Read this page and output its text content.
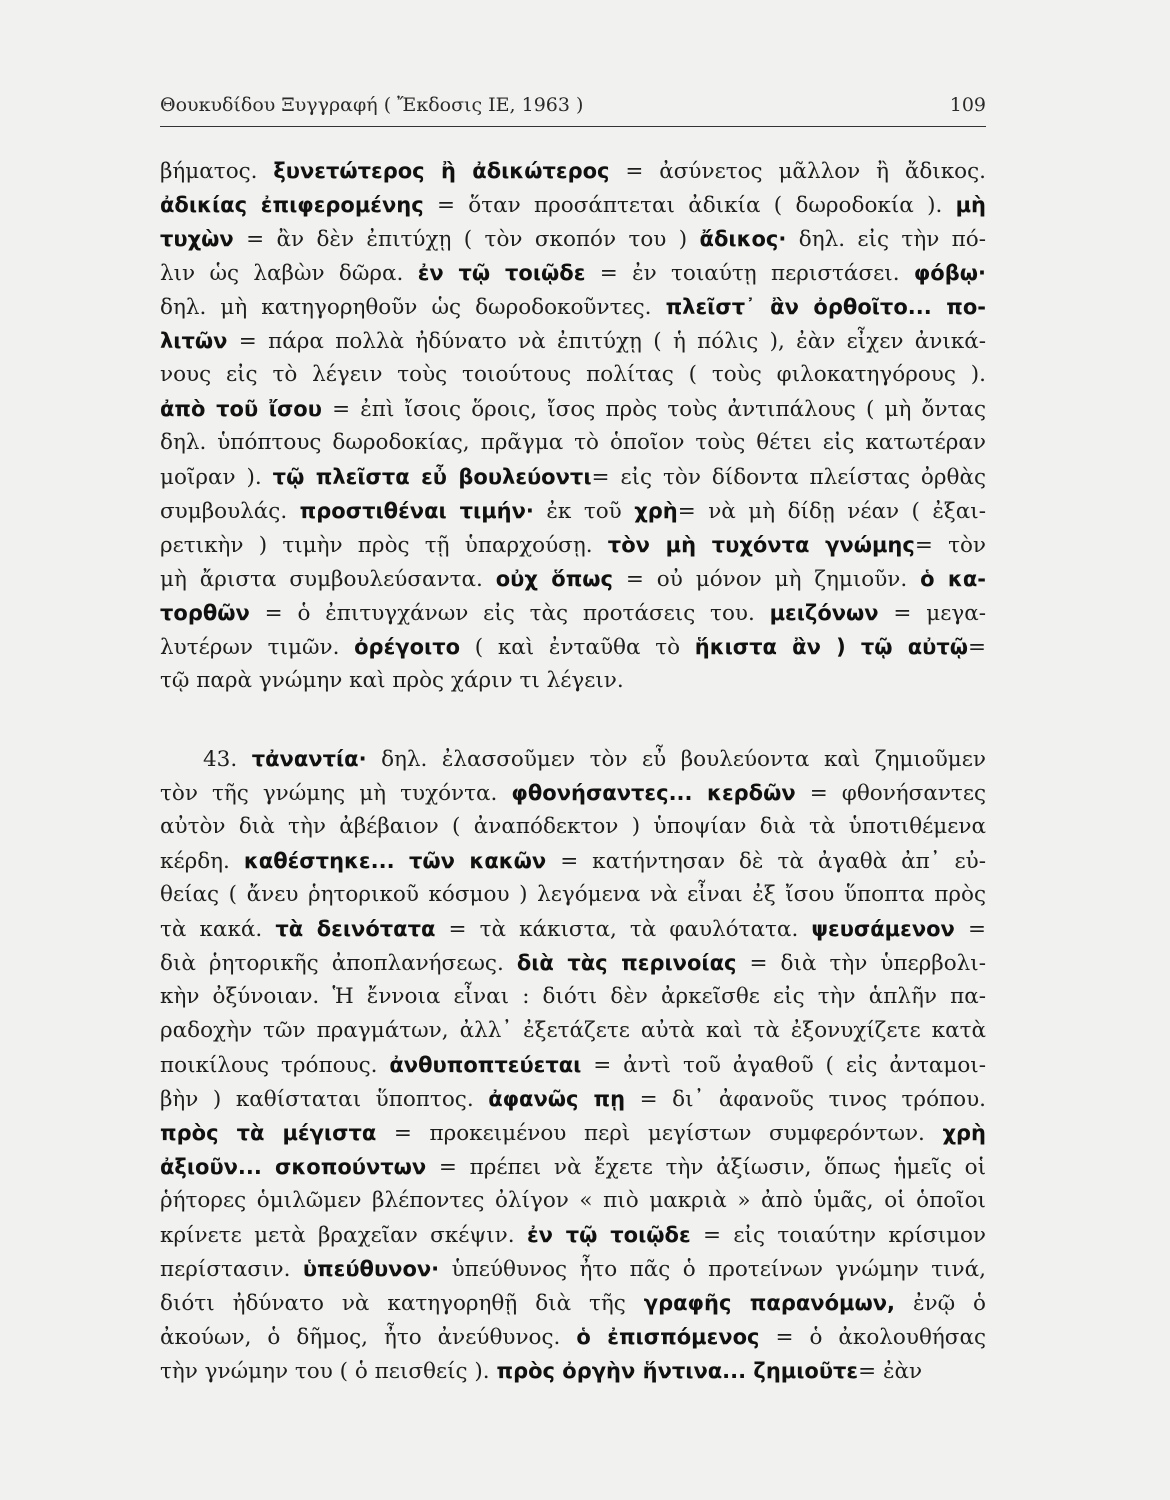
Θουκυδίδου Ξυγγραφή ( Ἔκδοσις ΙΕ, 1963 )	109
βήματος. ξυνετώτερος ἢ ἀδικώτερος = ἀσύνετος μᾶλλον ἢ ἄδικος.
ἀδικίας ἐπιφερομένης = ὅταν προσάπτεται ἀδικία ( δωροδοκία ). μὴ
τυχὼν = ἂν δὲν ἐπιτύχῃ ( τὸν σκοπόν του ) ἄδικος· δηλ. εἰς τὴν πό-
λιν ὡς λαβὼν δῶρα. ἐν τῷ τοιῷδε = ἐν τοιαύτῃ περιστάσει. φόβῳ·
δηλ. μὴ κατηγορηθοῦν ὡς δωροδοκοῦντες. πλεῖστ᾽ ἂν ὀρθοῖτο... πο-
λιτῶν = πάρα πολλὰ ἠδύνατο νὰ ἐπιτύχῃ ( ἡ πόλις ), ἐὰν εἶχεν ἀνικά-
νους εἰς τὸ λέγειν τοὺς τοιούτους πολίτας ( τοὺς φιλοκατηγόρους ).
ἀπὸ τοῦ ἴσου = ἐπὶ ἴσοις ὅροις, ἴσος πρὸς τοὺς ἀντιπάλους ( μὴ ὄντας
δηλ. ὑπόπτους δωροδοκίας, πρᾶγμα τὸ ὁποῖον τοὺς θέτει εἰς κατωτέραν
μοῖραν ). τῷ πλεῖστα εὖ βουλεύοντι= εἰς τὸν δίδοντα πλείστας ὀρθὰς
συμβουλάς. προστιθέναι τιμήν· ἐκ τοῦ χρὴ= νὰ μὴ δίδῃ νέαν ( ἐξαι-
ρετικὴν ) τιμὴν πρὸς τῇ ὑπαρχούσῃ. τὸν μὴ τυχόντα γνώμης= τὸν
μὴ ἄριστα συμβουλεύσαντα. οὐχ ὅπως = οὐ μόνον μὴ ζημιοῦν. ὁ κα-
τορθῶν = ὁ ἐπιτυγχάνων εἰς τὰς προτάσεις του. μειζόνων = μεγα-
λυτέρων τιμῶν. ὀρέγοιτο ( καὶ ἐνταῦθα τὸ ἥκιστα ἂν ) τῷ αὐτῷ=
τῷ παρὰ γνώμην καὶ πρὸς χάριν τι λέγειν.
  43. τἀναντία· δηλ. ἐλασσοῦμεν τὸν εὖ βουλεύοντα καὶ ζημιοῦμεν
τὸν τῆς γνώμης μὴ τυχόντα. φθονήσαντες... κερδῶν = φθονήσαντες
αὐτὸν διὰ τὴν ἀβέβαιον ( ἀναπόδεκτον ) ὑποψίαν διὰ τὰ ὑποτιθέμενα
κέρδη. καθέστηκε... τῶν κακῶν = κατήντησαν δὲ τὰ ἀγαθὰ ἀπ᾽ εὐ-
θείας ( ἄνευ ῥητορικοῦ κόσμου ) λεγόμενα νὰ εἶναι ἐξ ἴσου ὕποπτα πρὸς
τὰ κακά. τὰ δεινότατα = τὰ κάκιστα, τὰ φαυλότατα. ψευσάμενον =
διὰ ῥητορικῆς ἀποπλανήσεως. διὰ τὰς περινοίας = διὰ τὴν ὑπερβολι-
κὴν ὀξύνοιαν. Ἡ ἔννοια εἶναι : διότι δὲν ἀρκεῖσθε εἰς τὴν ἁπλῆν πα-
ραδοχὴν τῶν πραγμάτων, ἀλλ᾽ ἐξετάζετε αὐτὰ καὶ τὰ ἐξονυχίζετε κατὰ
ποικίλους τρόπους. ἀνθυποπτεύεται = ἀντὶ τοῦ ἀγαθοῦ ( εἰς ἀνταμοι-
βὴν ) καθίσταται ὕποπτος. ἀφανῶς πῃ = δι᾽ ἀφανοῦς τινος τρόπου.
πρὸς τὰ μέγιστα = προκειμένου περὶ μεγίστων συμφερόντων. χρὴ
ἀξιοῦν... σκοπούντων = πρέπει νὰ ἔχετε τὴν ἀξίωσιν, ὅπως ἡμεῖς οἱ
ῥήτορες ὁμιλῶμεν βλέποντες ὀλίγον « πιὸ μακριὰ » ἀπὸ ὑμᾶς, οἱ ὁποῖοι
κρίνετε μετὰ βραχεῖαν σκέψιν. ἐν τῷ τοιῷδε = εἰς τοιαύτην κρίσιμον
περίστασιν. ὑπεύθυνον· ὑπεύθυνος ἦτο πᾶς ὁ προτείνων γνώμην τινά,
διότι ἠδύνατο νὰ κατηγορηθῇ διὰ τῆς γραφῆς παρανόμων, ἐνῷ ὁ
ἀκούων, ὁ δῆμος, ἦτο ἀνεύθυνος. ὁ ἐπισπόμενος = ὁ ἀκολουθήσας
τὴν γνώμην του ( ὁ πεισθείς ). πρὸς ὀργὴν ἥντινα... ζημιοῦτε= ἐὰν
